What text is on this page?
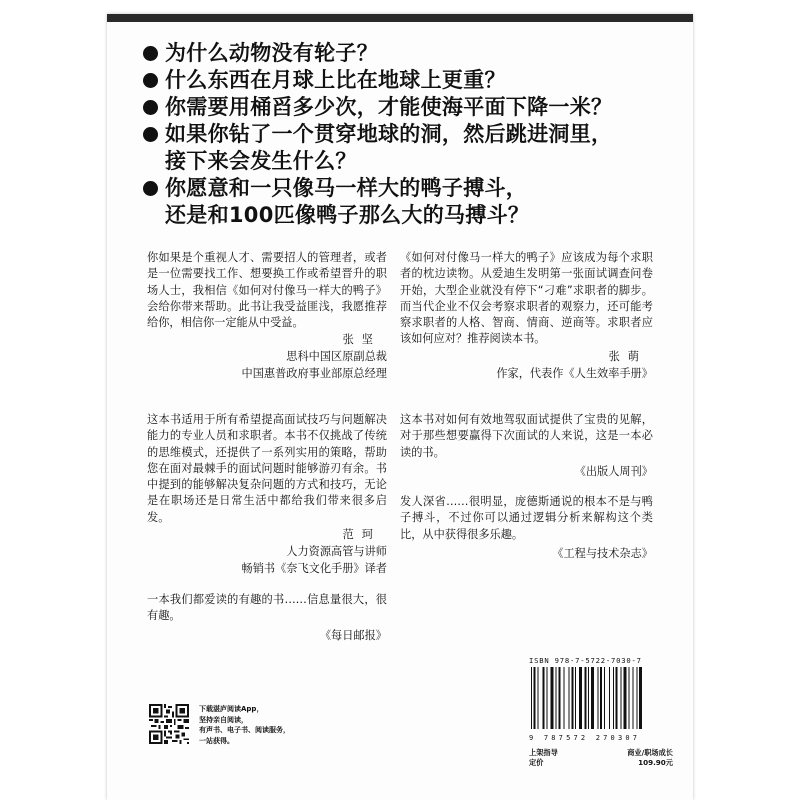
为什么动物没有轮子？
什么东西在月球上比在地球上更重？
你需要用桶舀多少次，才能使海平面下降一米？
如果你钻了一个贯穿地球的洞，然后跳进洞里，
接下来会发生什么？
你愿意和一只像马一样大的鸭子搏斗，
还是和100匹像鸭子那么大的马搏斗？

你如果是个重视人才、需要招人的管理者，或者是一位需要找工作、想要换工作或希望晋升的职场人士，我相信《如何对付像马一样大的鸭子》会给你带来帮助。此书让我受益匪浅，我愿推荐给你，相信你一定能从中受益。

张坚
思科中国区原副总裁
中国惠普政府事业部原总经理

这本书适用于所有希望提高面试技巧与问题解决能力的专业人员和求职者。本书不仅挑战了传统的思维模式，还提供了一系列实用的策略，帮助您在面对最棘手的面试问题时能够游刃有余。书中提到的能够解决复杂问题的方式和技巧，无论是在职场还是日常生活中都给我们带来很多启发。

范珂
人力资源高管与讲师
畅销书《奈飞文化手册》译者

一本我们都爱读的有趣的书……信息量很大，很有趣。

《每日邮报》

《如何对付像马一样大的鸭子》应该成为每个求职者的枕边读物。从爱迪生发明第一张面试调查问卷开始，大型企业就没有停下“刁难”求职者的脚步。而当代企业不仅会考察求职者的观察力，还可能考察求职者的人格、智商、情商、逆商等。求职者应该如何应对？推荐阅读本书。

张萌
作家，代表作《人生效率手册》

这本书对如何有效地驾驭面试提供了宝贵的见解，对于那些想要赢得下次面试的人来说，这是一本必读的书。

《出版人周刊》

发人深省……很明显，庞德斯通说的根本不是与鸭子搏斗，不过你可以通过逻辑分析来解构这个类比，从中获得很多乐趣。

《工程与技术杂志》
下载湛庐阅读App，
坚持亲自阅读，
有声书、电子书、阅读服务，
一站获得。
ISBN 978-7-5722-7030-7
9 787572 270307
上架指导
定价
商业/职场成长
109.90元
